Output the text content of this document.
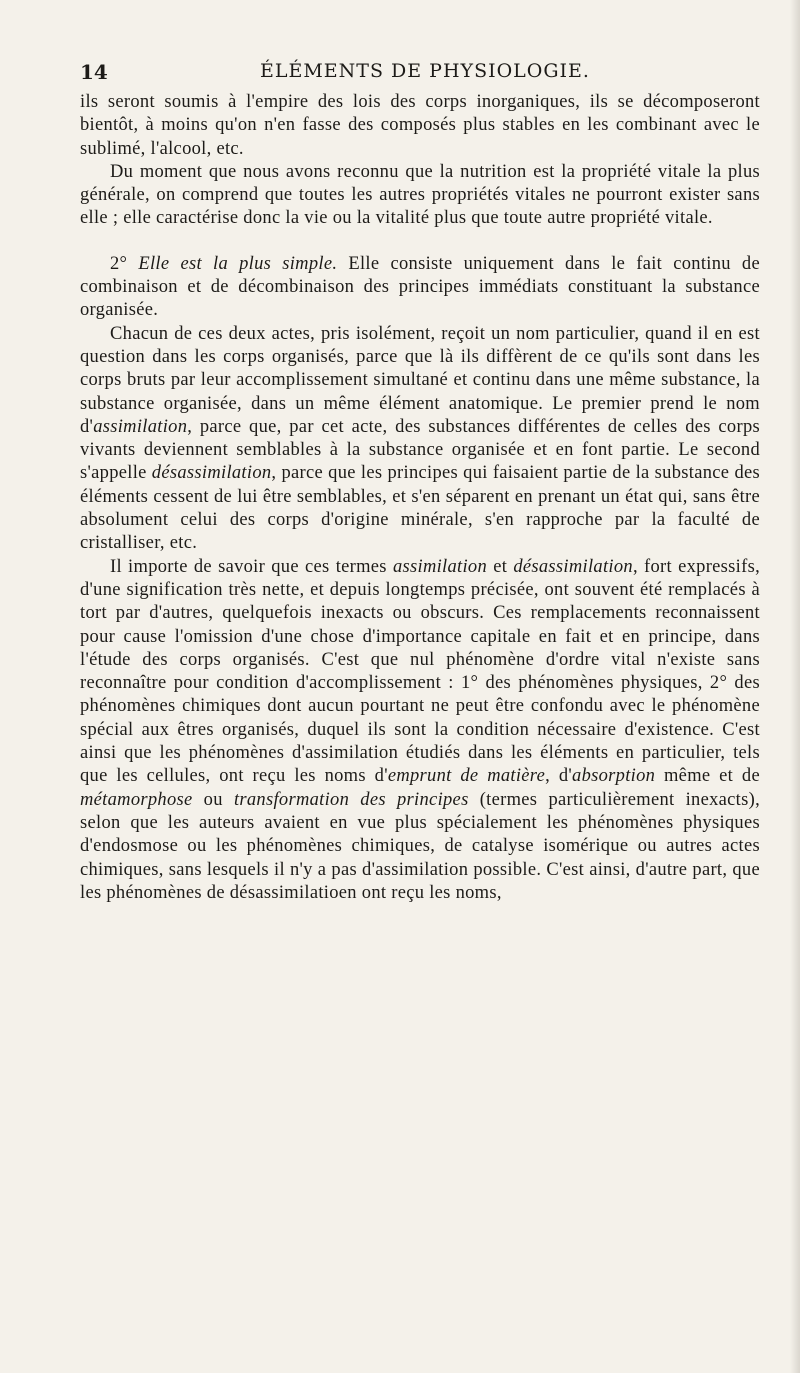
14	ÉLÉMENTS DE PHYSIOLOGIE.

ils seront soumis à l'empire des lois des corps inorganiques, ils se décomposeront bientôt, à moins qu'on n'en fasse des composés plus stables en les combinant avec le sublimé, l'alcool, etc.

Du moment que nous avons reconnu que la nutrition est la propriété vitale la plus générale, on comprend que toutes les autres propriétés vitales ne pourront exister sans elle ; elle caractérise donc la vie ou la vitalité plus que toute autre propriété vitale.

2° Elle est la plus simple. Elle consiste uniquement dans le fait continu de combinaison et de décombinaison des principes immédiats constituant la substance organisée.

Chacun de ces deux actes, pris isolément, reçoit un nom particulier, quand il en est question dans les corps organisés, parce que là ils diffèrent de ce qu'ils sont dans les corps bruts par leur accomplissement simultané et continu dans une même substance, la substance organisée, dans un même élément anatomique. Le premier prend le nom d'assimilation, parce que, par cet acte, des substances différentes de celles des corps vivants deviennent semblables à la substance organisée et en font partie. Le second s'appelle désassimilation, parce que les principes qui faisaient partie de la substance des éléments cessent de lui être semblables, et s'en séparent en prenant un état qui, sans être absolument celui des corps d'origine minérale, s'en rapproche par la faculté de cristalliser, etc.

Il importe de savoir que ces termes assimilation et désassimilation, fort expressifs, d'une signification très nette, et depuis longtemps précisée, ont souvent été remplacés à tort par d'autres, quelquefois inexacts ou obscurs. Ces remplacements reconnaissent pour cause l'omission d'une chose d'importance capitale en fait et en principe, dans l'étude des corps organisés. C'est que nul phénomène d'ordre vital n'existe sans reconnaître pour condition d'accomplissement : 1° des phénomènes physiques, 2° des phénomènes chimiques dont aucun pourtant ne peut être confondu avec le phénomène spécial aux êtres organisés, duquel ils sont la condition nécessaire d'existence. C'est ainsi que les phénomènes d'assimilation étudiés dans les éléments en particulier, tels que les cellules, ont reçu les noms d'emprunt de matière, d'absorption même et de métamorphose ou transformation des principes (termes particulièrement inexacts), selon que les auteurs avaient en vue plus spécialement les phénomènes physiques d'endosmose ou les phénomènes chimiques, de catalyse isomérique ou autres actes chimiques, sans lesquels il n'y a pas d'assimilation possible. C'est ainsi, d'autre part, que les phénomènes de désassimilatioen ont reçu les noms,
